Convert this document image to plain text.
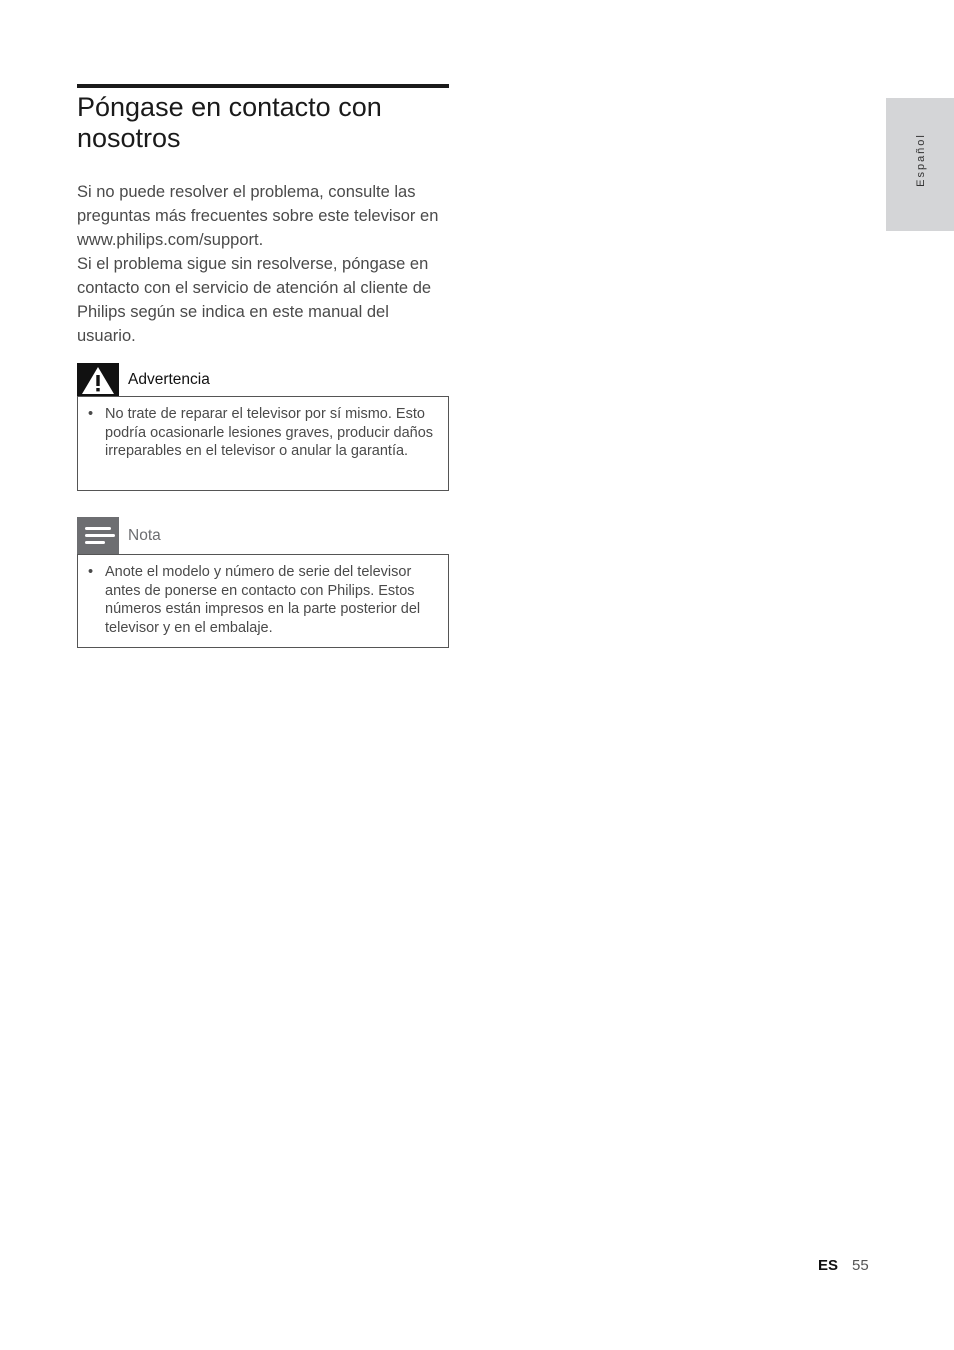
Póngase en contacto con nosotros

Si no puede resolver el problema, consulte las preguntas más frecuentes sobre este televisor en www.philips.com/support.

Si el problema sigue sin resolverse, póngase en contacto con el servicio de atención al cliente de Philips según se indica en este manual del usuario.

Advertencia
• No trate de reparar el televisor por sí mismo. Esto podría ocasionarle lesiones graves, producir daños irreparables en el televisor o anular la garantía.
Nota
• Anote el modelo y número de serie del televisor antes de ponerse en contacto con Philips. Estos números están impresos en la parte posterior del televisor y en el embalaje.
Español
ES 55
